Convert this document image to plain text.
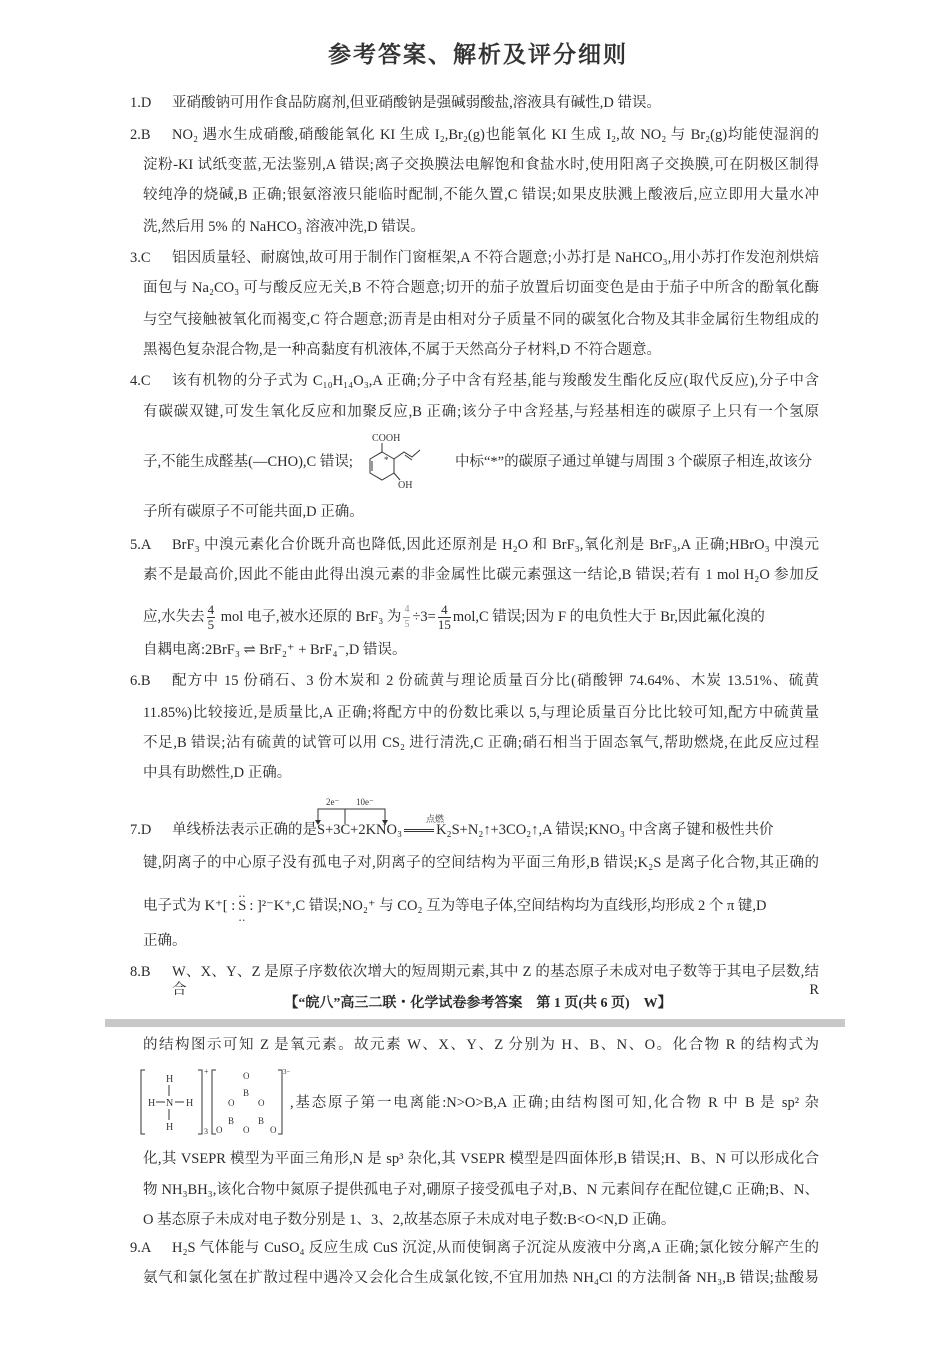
参考答案、解析及评分细则
1.D 亚硝酸钠可用作食品防腐剂,但亚硝酸钠是强碱弱酸盐,溶液具有碱性,D 错误。
2.B NO₂ 遇水生成硝酸,硝酸能氧化 KI 生成 I₂,Br₂(g)也能氧化 KI 生成 I₂,故 NO₂ 与 Br₂(g)均能使湿润的
淀粉-KI 试纸变蓝,无法鉴别,A 错误;离子交换膜法电解饱和食盐水时,使用阳离子交换膜,可在阴极区制得
较纯净的烧碱,B 正确;银氨溶液只能临时配制,不能久置,C 错误;如果皮肤溅上酸液后,应立即用大量水冲
洗,然后用 5% 的 NaHCO₃ 溶液冲洗,D 错误。
3.C 铝因质量轻、耐腐蚀,故可用于制作门窗框架,A 不符合题意;小苏打是 NaHCO₃,用小苏打作发泡剂烘焙
面包与 Na₂CO₃ 可与酸反应无关,B 不符合题意;切开的茄子放置后切面变色是由于茄子中所含的酚氧化酶
与空气接触被氧化而褐变,C 符合题意;沥青是由相对分子质量不同的碳氢化合物及其非金属衍生物组成的
黑褐色复杂混合物,是一种高黏度有机液体,不属于天然高分子材料,D 不符合题意。
4.C 该有机物的分子式为 C₁₀H₁₄O₃,A 正确;分子中含有羟基,能与羧酸发生酯化反应(取代反应),分子中含
有碳碳双键,可发生氧化反应和加聚反应,B 正确;该分子中含羟基,与羟基相连的碳原子上只有一个氢原
子,不能生成醛基(—CHO),C 错误;
COOH
OH
*	中标“*”的碳原子通过单键与周围 3 个碳原子相连,故该分
子所有碳原子不可能共面,D 正确。
5.A BrF₃ 中溴元素化合价既升高也降低,因此还原剂是 H₂O 和 BrF₃,氧化剂是 BrF₃,A 正确;HBrO₃ 中溴元
素不是最高价,因此不能由此得出溴元素的非金属性比碳元素强这一结论,B 错误;若有 1 mol H₂O 参加反
应,水失去 $\frac{4}{5}$ mol 电子,被水还原的 BrF₃ 为 $\frac{4}{5} \div 3= \frac{4}{15} mol,C$ 错误;因为 F 的电负性大于 Br,因此氟化溴的
自耦电离:2BrF₃ ⇌ BrF₂⁺ + BrF₄⁻,D 错误。
6.B 配方中 15 份硝石、3 份木炭和 2 份硫黄与理论质量百分比(硝酸钾 74.64%、木炭 13.51%、硫黄
11.85%)比较接近,是质量比,A 正确;将配方中的份数比乘以 5,与理论质量百分比比较可知,配方中硫黄量
不足,B 错误;沾有硫黄的试管可以用 CS₂ 进行清洗,C 正确;硝石相当于固态氧气,帮助燃烧,在此反应过程
中具有助燃性,D 正确。
2e⁻ 10e⁻
点燃
7.D 单线桥法表示正确的是S+3C+2KNO₃ K₂S+N₂↑+3CO₂↑,A 错误;KNO₃ 中含离子键和极性共价
键,阴离子的中心原子没有孤电子对,阴离子的空间结构为平面三角形,B 错误;K₂S 是离子化合物,其正确的
电子式为 K⁺[ : ‥ S ‥ : ]²⁻K⁺,C 错误;NO₂⁺ 与 CO₂ 互为等电子体,空间结构均为直线形,均形成 2 个 π 键,D
正确。
8.B W、X、Y、Z 是原子序数依次增大的短周期元素,其中 Z 的基态原子未成对电子数等于其电子层数,结合 R
【“皖八”高三二联・化学试卷参考答案　第 1 页(共 6 页)　W】
的结构图示可知 Z 是氧元素。故元素 W、X、Y、Z 分别为 H、B、N、O。化合物 R 的结构式为
H
H N H
H
+
3
O
B
O	O
B	B
O
O	O
3−
,基态原子第一电离能:N>O>B,A 正确;由结构图可知,化合物 R 中 B 是 sp² 杂
化,其 VSEPR 模型为平面三角形,N 是 sp³ 杂化,其 VSEPR 模型是四面体形,B 错误;H、B、N 可以形成化合
物 NH₃BH₃,该化合物中氮原子提供孤电子对,硼原子接受孤电子对,B、N 元素间存在配位键,C 正确;B、N、
O 基态原子未成对电子数分别是 1、3、2,故基态原子未成对电子数:B<O<N,D 正确。
9.A H₂S 气体能与 CuSO₄ 反应生成 CuS 沉淀,从而使铜离子沉淀从废液中分离,A 正确;氯化铵分解产生的
氨气和氯化氢在扩散过程中遇冷又会化合生成氯化铵,不宜用加热 NH₄Cl 的方法制备 NH₃,B 错误;盐酸易
